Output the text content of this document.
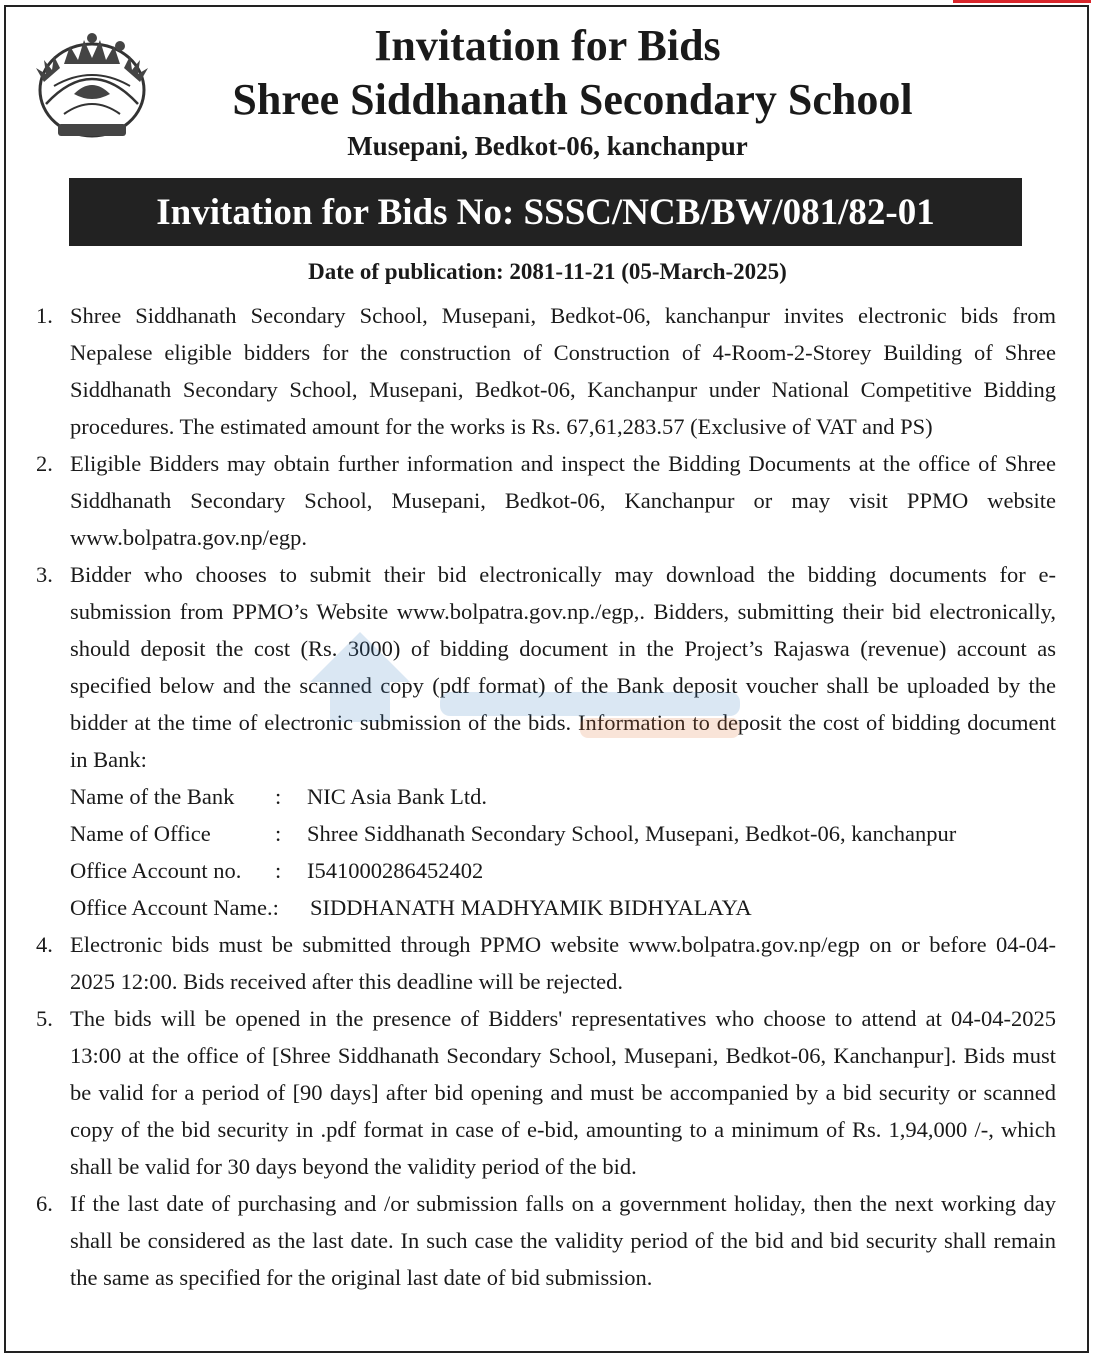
Invitation for Bids
Shree Siddhanath Secondary School
Musepani, Bedkot-06, kanchanpur
Invitation for Bids No: SSSC/NCB/BW/081/82-01
Date of publication: 2081-11-21 (05-March-2025)
1. Shree Siddhanath Secondary School, Musepani, Bedkot-06, kanchanpur invites electronic bids from Nepalese eligible bidders for the construction of Construction of 4-Room-2-Storey Building of Shree Siddhanath Secondary School, Musepani, Bedkot-06, Kanchanpur under National Competitive Bidding procedures. The estimated amount for the works is Rs. 67,61,283.57 (Exclusive of VAT and PS)
2. Eligible Bidders may obtain further information and inspect the Bidding Documents at the office of Shree Siddhanath Secondary School, Musepani, Bedkot-06, Kanchanpur or may visit PPMO website www.bolpatra.gov.np/egp.
3. Bidder who chooses to submit their bid electronically may download the bidding documents for e-submission from PPMO’s Website www.bolpatra.gov.np./egp,. Bidders, submitting their bid electronically, should deposit the cost (Rs. 3000) of bidding document in the Project’s Rajaswa (revenue) account as specified below and the scanned copy (pdf format) of the Bank deposit voucher shall be uploaded by the bidder at the time of electronic submission of the bids. Information to deposit the cost of bidding document in Bank:
Name of the Bank	:	NIC Asia Bank Ltd.
Name of Office	:	Shree Siddhanath Secondary School, Musepani, Bedkot-06, kanchanpur
Office Account no.	:	I541000286452402
Office Account Name.:	SIDDHANATH MADHYAMIK BIDHYALAYA
4. Electronic bids must be submitted through PPMO website www.bolpatra.gov.np/egp on or before 04-04-2025 12:00. Bids received after this deadline will be rejected.
5. The bids will be opened in the presence of Bidders' representatives who choose to attend at 04-04-2025 13:00 at the office of [Shree Siddhanath Secondary School, Musepani, Bedkot-06, Kanchanpur]. Bids must be valid for a period of [90 days] after bid opening and must be accompanied by a bid security or scanned copy of the bid security in .pdf format in case of e-bid, amounting to a minimum of Rs. 1,94,000 /-, which shall be valid for 30 days beyond the validity period of the bid.
6. If the last date of purchasing and /or submission falls on a government holiday, then the next working day shall be considered as the last date. In such case the validity period of the bid and bid security shall remain the same as specified for the original last date of bid submission.
